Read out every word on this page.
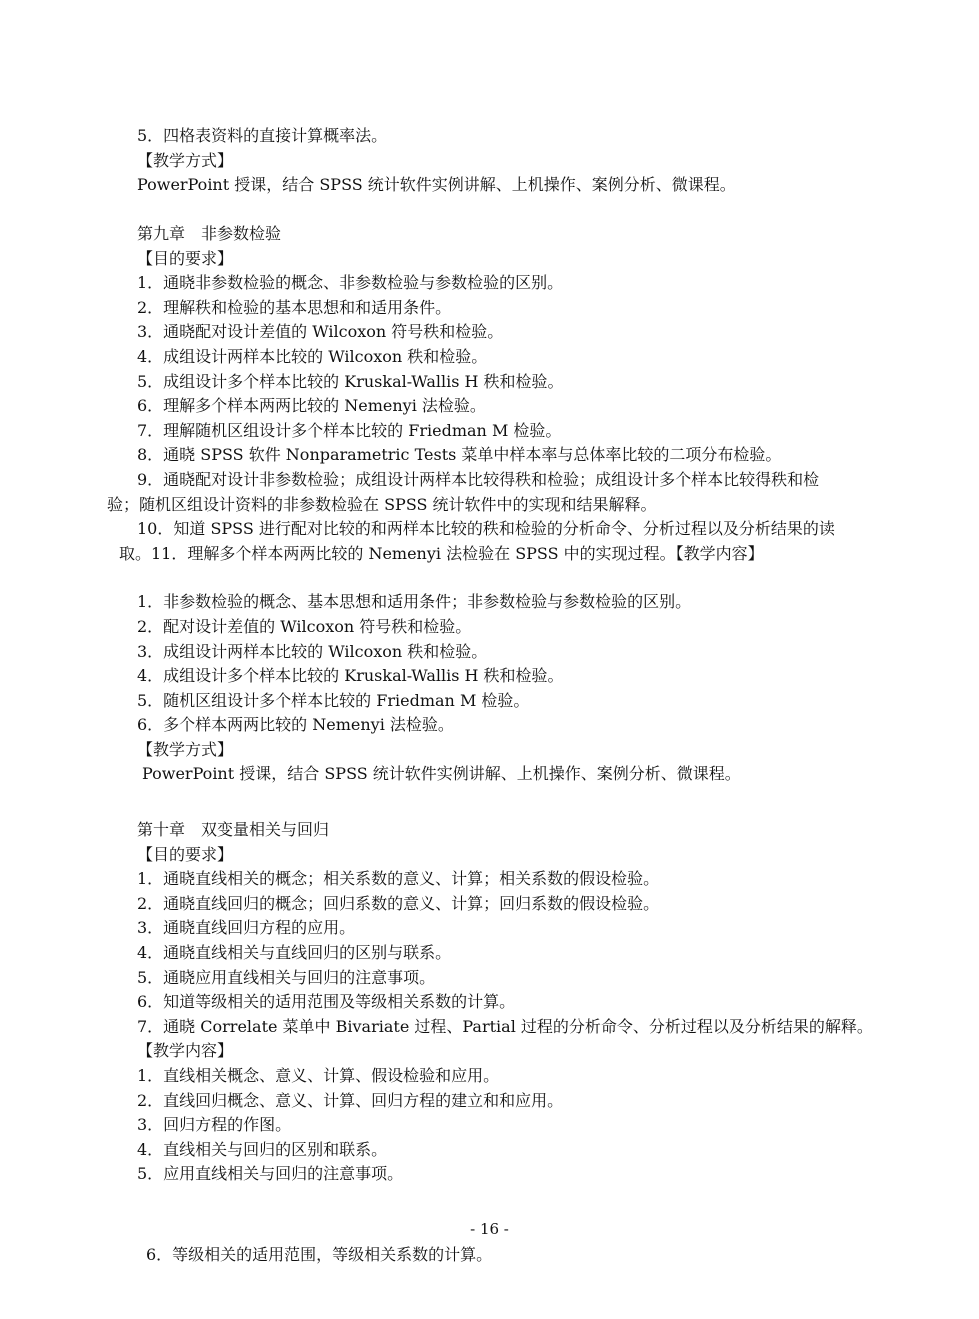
5．四格表资料的直接计算概率法。
【教学方式】
PowerPoint 授课，结合 SPSS 统计软件实例讲解、上机操作、案例分析、微课程。
第九章　非参数检验
【目的要求】
1．通晓非参数检验的概念、非参数检验与参数检验的区别。
2．理解秩和检验的基本思想和和适用条件。
3．通晓配对设计差值的 Wilcoxon 符号秩和检验。
4．成组设计两样本比较的 Wilcoxon 秩和检验。
5．成组设计多个样本比较的 Kruskal-Wallis H 秩和检验。
6．理解多个样本两两比较的 Nemenyi 法检验。
7．理解随机区组设计多个样本比较的 Friedman M 检验。
8．通晓 SPSS 软件 Nonparametric Tests 菜单中样本率与总体率比较的二项分布检验。
9．通晓配对设计非参数检验；成组设计两样本比较得秩和检验；成组设计多个样本比较得秩和检
验；随机区组设计资料的非参数检验在 SPSS 统计软件中的实现和结果解释。
10．知道 SPSS 进行配对比较的和两样本比较的秩和检验的分析命令、分析过程以及分析结果的读
取。11．理解多个样本两两比较的 Nemenyi 法检验在 SPSS 中的实现过程。【教学内容】
1．非参数检验的概念、基本思想和适用条件；非参数检验与参数检验的区别。
2．配对设计差值的 Wilcoxon 符号秩和检验。
3．成组设计两样本比较的 Wilcoxon 秩和检验。
4．成组设计多个样本比较的 Kruskal-Wallis H 秩和检验。
5．随机区组设计多个样本比较的 Friedman M 检验。
6．多个样本两两比较的 Nemenyi 法检验。
【教学方式】
PowerPoint 授课，结合 SPSS 统计软件实例讲解、上机操作、案例分析、微课程。
第十章　双变量相关与回归
【目的要求】
1．通晓直线相关的概念；相关系数的意义、计算；相关系数的假设检验。
2．通晓直线回归的概念；回归系数的意义、计算；回归系数的假设检验。
3．通晓直线回归方程的应用。
4．通晓直线相关与直线回归的区别与联系。
5．通晓应用直线相关与回归的注意事项。
6．知道等级相关的适用范围及等级相关系数的计算。
7．通晓 Correlate 菜单中 Bivariate 过程、Partial 过程的分析命令、分析过程以及分析结果的解释。
【教学内容】
1．直线相关概念、意义、计算、假设检验和应用。
2．直线回归概念、意义、计算、回归方程的建立和和应用。
3．回归方程的作图。
4．直线相关与回归的区别和联系。
5．应用直线相关与回归的注意事项。
- 16 -
6．等级相关的适用范围，等级相关系数的计算。
